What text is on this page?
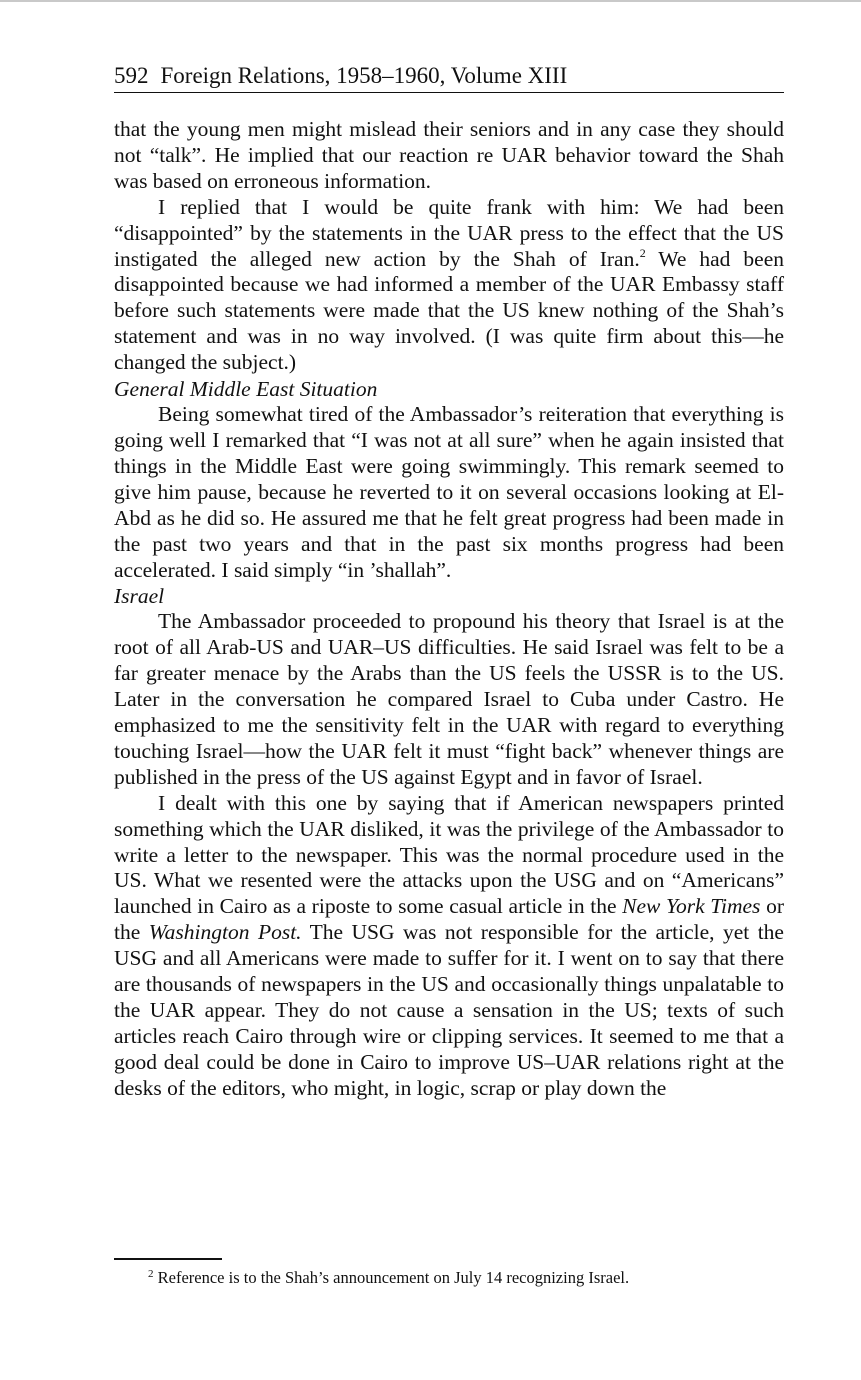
592 Foreign Relations, 1958–1960, Volume XIII

that the young men might mislead their seniors and in any case they should not “talk”. He implied that our reaction re UAR behavior toward the Shah was based on erroneous information.

I replied that I would be quite frank with him: We had been “disappointed” by the statements in the UAR press to the effect that the US instigated the alleged new action by the Shah of Iran.$^2$ We had been disappointed because we had informed a member of the UAR Embassy staff before such statements were made that the US knew nothing of the Shah’s statement and was in no way involved. (I was quite firm about this—he changed the subject.)

General Middle East Situation

Being somewhat tired of the Ambassador’s reiteration that everything is going well I remarked that “I was not at all sure” when he again insisted that things in the Middle East were going swimmingly. This remark seemed to give him pause, because he reverted to it on several occasions looking at El-Abd as he did so. He assured me that he felt great progress had been made in the past two years and that in the past six months progress had been accelerated. I said simply “in ’shallah”.

Israel

The Ambassador proceeded to propound his theory that Israel is at the root of all Arab-US and UAR–US difficulties. He said Israel was felt to be a far greater menace by the Arabs than the US feels the USSR is to the US. Later in the conversation he compared Israel to Cuba under Castro. He emphasized to me the sensitivity felt in the UAR with regard to everything touching Israel—how the UAR felt it must “fight back” whenever things are published in the press of the US against Egypt and in favor of Israel.

I dealt with this one by saying that if American newspapers printed something which the UAR disliked, it was the privilege of the Ambassador to write a letter to the newspaper. This was the normal procedure used in the US. What we resented were the attacks upon the USG and on “Americans” launched in Cairo as a riposte to some casual article in the New York Times or the Washington Post. The USG was not responsible for the article, yet the USG and all Americans were made to suffer for it. I went on to say that there are thousands of newspapers in the US and occasionally things unpalatable to the UAR appear. They do not cause a sensation in the US; texts of such articles reach Cairo through wire or clipping services. It seemed to me that a good deal could be done in Cairo to improve US–UAR relations right at the desks of the editors, who might, in logic, scrap or play down the

$^2$ Reference is to the Shah’s announcement on July 14 recognizing Israel.
